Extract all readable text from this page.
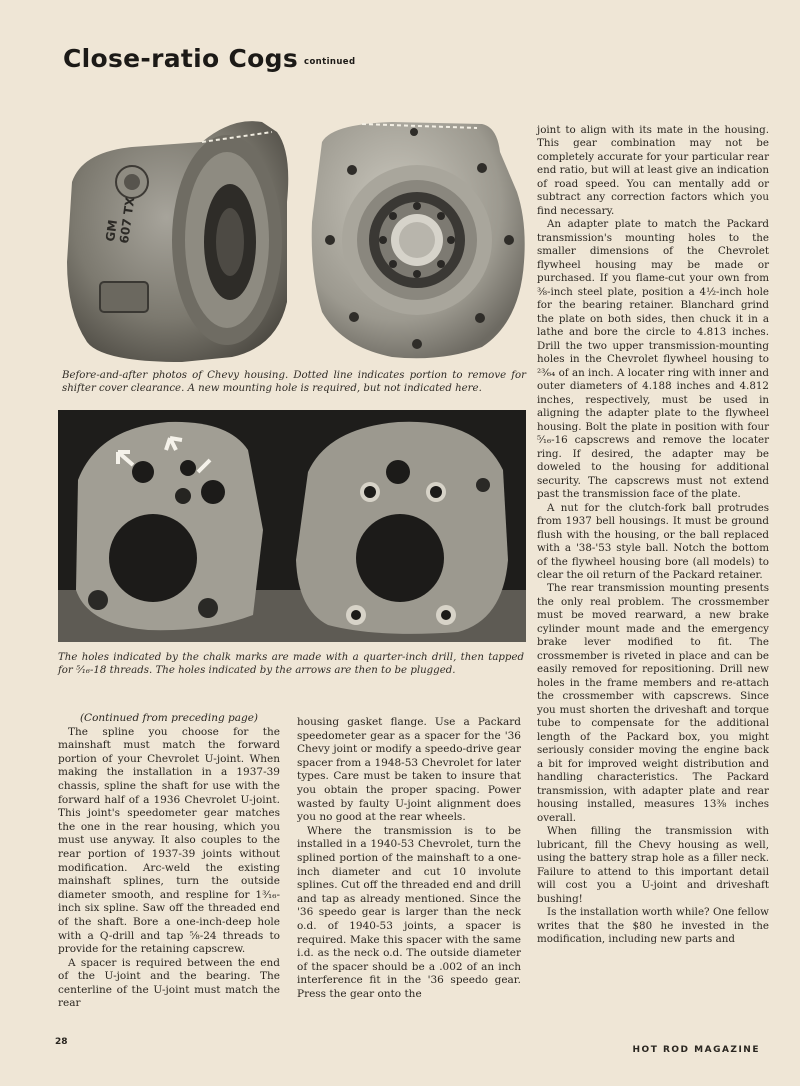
Close-ratio Cogs continued
GM
607 TX
Before-and-after photos of Chevy housing. Dotted line indicates portion to remove for shifter cover clearance. A new mounting hole is required, but not indicated here.
The holes indicated by the chalk marks are made with a quarter-inch drill, then tapped for ⁵⁄₁₆-18 threads. The holes indicated by the arrows are then to be plugged.

(Continued from preceding page)

The spline you choose for the mainshaft must match the forward portion of your Chevrolet U-joint. When making the installation in a 1937-39 chassis, spline the shaft for use with the forward half of a 1936 Chevrolet U-joint. This joint's speedometer gear matches the one in the rear housing, which you must use anyway. It also couples to the rear portion of 1937-39 joints without modification. Arc-weld the existing mainshaft splines, turn the outside diameter smooth, and respline for 1³⁄₁₆-inch six spline. Saw off the threaded end of the shaft. Bore a one-inch-deep hole with a Q-drill and tap ⅝-24 threads to provide for the retaining capscrew.

A spacer is required between the end of the U-joint and the bearing. The centerline of the U-joint must match the rear

housing gasket flange. Use a Packard speedometer gear as a spacer for the '36 Chevy joint or modify a speedo-drive gear spacer from a 1948-53 Chevrolet for later types. Care must be taken to insure that you obtain the proper spacing. Power wasted by faulty U-joint alignment does you no good at the rear wheels.

Where the transmission is to be installed in a 1940-53 Chevrolet, turn the splined portion of the mainshaft to a one-inch diameter and cut 10 involute splines. Cut off the threaded end and drill and tap as already mentioned. Since the '36 speedo gear is larger than the neck o.d. of 1940-53 joints, a spacer is required. Make this spacer with the same i.d. as the neck o.d. The outside diameter of the spacer should be a .002 of an inch interference fit in the '36 speedo gear. Press the gear onto the

joint to align with its mate in the housing. This gear combination may not be completely accurate for your particular rear end ratio, but will at least give an indication of road speed. You can mentally add or subtract any correction factors which you find necessary.

An adapter plate to match the Packard transmission's mounting holes to the smaller dimensions of the Chevrolet flywheel housing may be made or purchased. If you flame-cut your own from ⅜-inch steel plate, position a 4½-inch hole for the bearing retainer. Blanchard grind the plate on both sides, then chuck it in a lathe and bore the circle to 4.813 inches. Drill the two upper transmission-mounting holes in the Chevrolet flywheel housing to ²³⁄₆₄ of an inch. A locater ring with inner and outer diameters of 4.188 inches and 4.812 inches, respectively, must be used in aligning the adapter plate to the flywheel housing. Bolt the plate in position with four ⁵⁄₁₆-16 capscrews and remove the locater ring. If desired, the adapter may be doweled to the housing for additional security. The capscrews must not extend past the transmission face of the plate.

A nut for the clutch-fork ball protrudes from 1937 bell housings. It must be ground flush with the housing, or the ball replaced with a '38-'53 style ball. Notch the bottom of the flywheel housing bore (all models) to clear the oil return of the Packard retainer.

The rear transmission mounting presents the only real problem. The crossmember must be moved rearward, a new brake cylinder mount made and the emergency brake lever modified to fit. The crossmember is riveted in place and can be easily removed for repositioning. Drill new holes in the frame members and re-attach the crossmember with capscrews. Since you must shorten the driveshaft and torque tube to compensate for the additional length of the Packard box, you might seriously consider moving the engine back a bit for improved weight distribution and handling characteristics. The Packard transmission, with adapter plate and rear housing installed, measures 13⅜ inches overall.

When filling the transmission with lubricant, fill the Chevy housing as well, using the battery strap hole as a filler neck. Failure to attend to this important detail will cost you a U-joint and driveshaft bushing!

Is the installation worth while? One fellow writes that the $80 he invested in the modification, including new parts and

28
HOT ROD MAGAZINE
